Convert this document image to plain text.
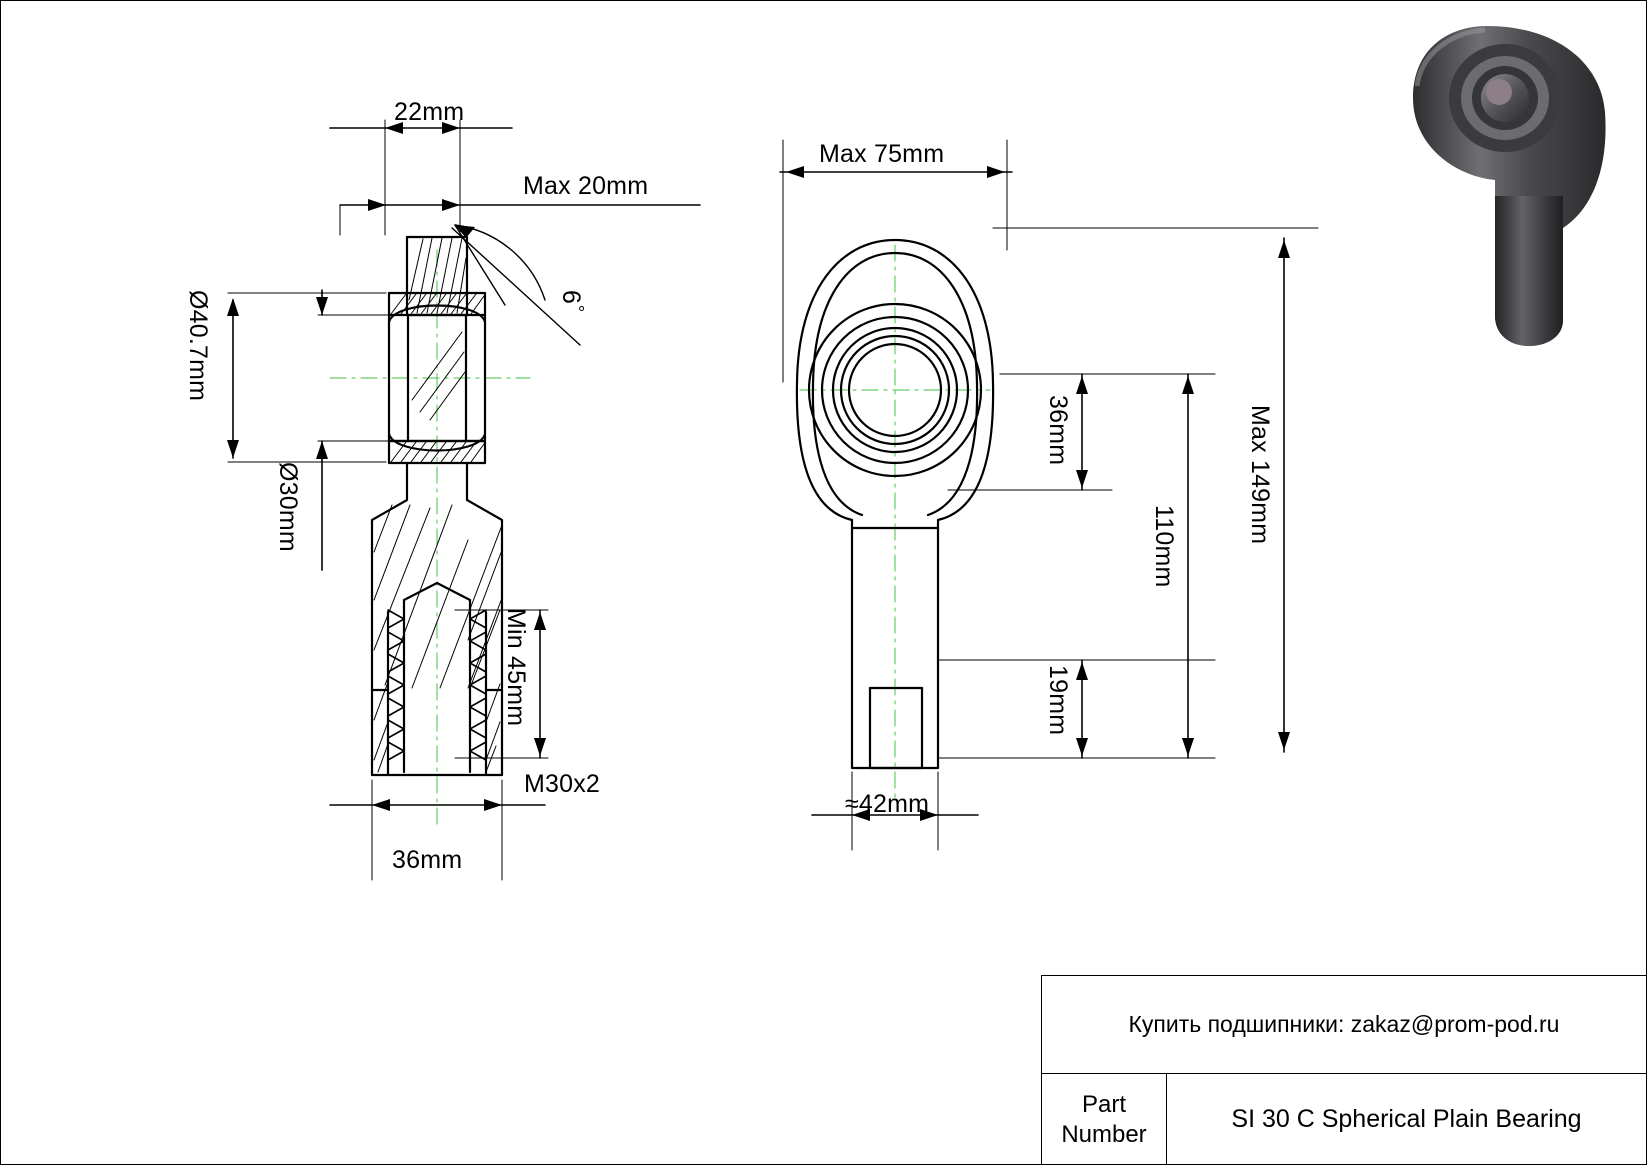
22mm
Max 20mm
6
°
Ø40.7mm
Ø30mm
Min 45mm
M30x2
36mm
Max 75mm
36mm
110mm
Max 149mm
19mm
≈42mm
Купить подшипники: zakaz@prom-pod.ru
Part
Number
SI 30 C Spherical Plain Bearing
